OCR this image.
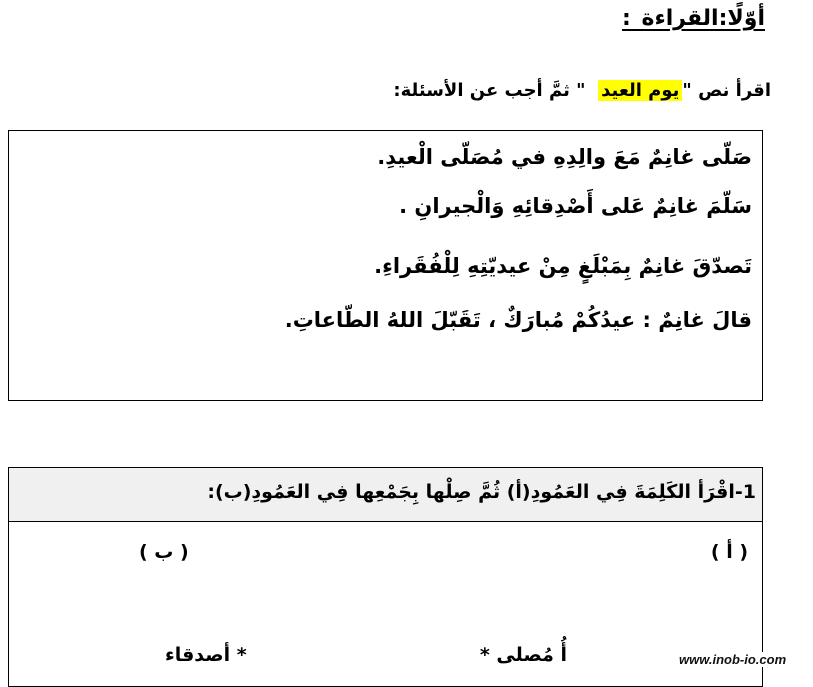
أوّلًا:القراءة :
اقرأ نص "يوم العيد  " ثمَّ أجب عن الأسئلة:
صَلّى غانِمٌ مَعَ والِدِهِ في مُصَلّى الْعيدِ.
سَلّمَ غانِمٌ عَلى أَصْدِقائِهِ وَالْجيرانِ .
تَصدّقَ غانِمٌ بِمَبْلَغٍ مِنْ عيديّتِهِ لِلْفُقَراءِ.
قالَ غانِمٌ : عيدُكُمْ مُبارَكٌ ، تَقَبّلَ اللهُ الطّاعاتِ.
1-اقْرَأ الكَلِمَةَ فِي العَمُودِ(أ) ثُمَّ صِلْها بِجَمْعِها فِي العَمُودِ(ب):
( أ )
( ب )
أُ مُصلى *
* أصدقاء	www.inob-io.com
